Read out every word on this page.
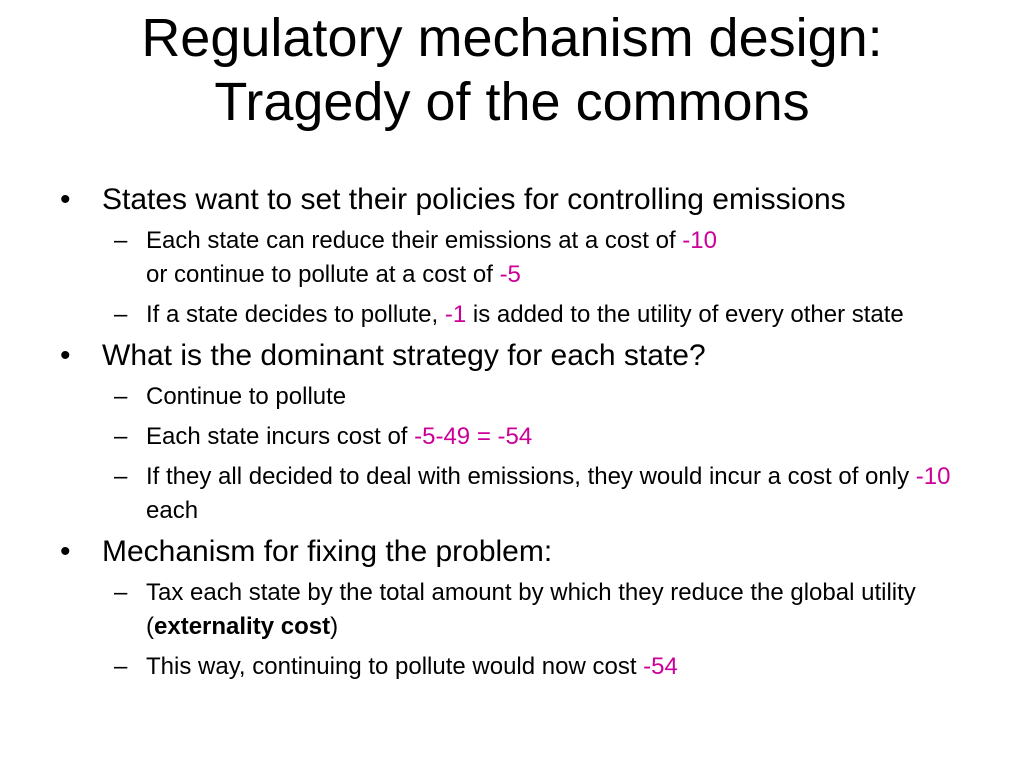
Regulatory mechanism design:
Tragedy of the commons
• States want to set their policies for controlling emissions
– Each state can reduce their emissions at a cost of -10
or continue to pollute at a cost of -5
– If a state decides to pollute, -1 is added to the utility of every other state
• What is the dominant strategy for each state?
– Continue to pollute
– Each state incurs cost of -5-49 = -54
– If they all decided to deal with emissions, they would incur a cost of only -10 each
• Mechanism for fixing the problem:
– Tax each state by the total amount by which they reduce the global utility (externality cost)
– This way, continuing to pollute would now cost -54
